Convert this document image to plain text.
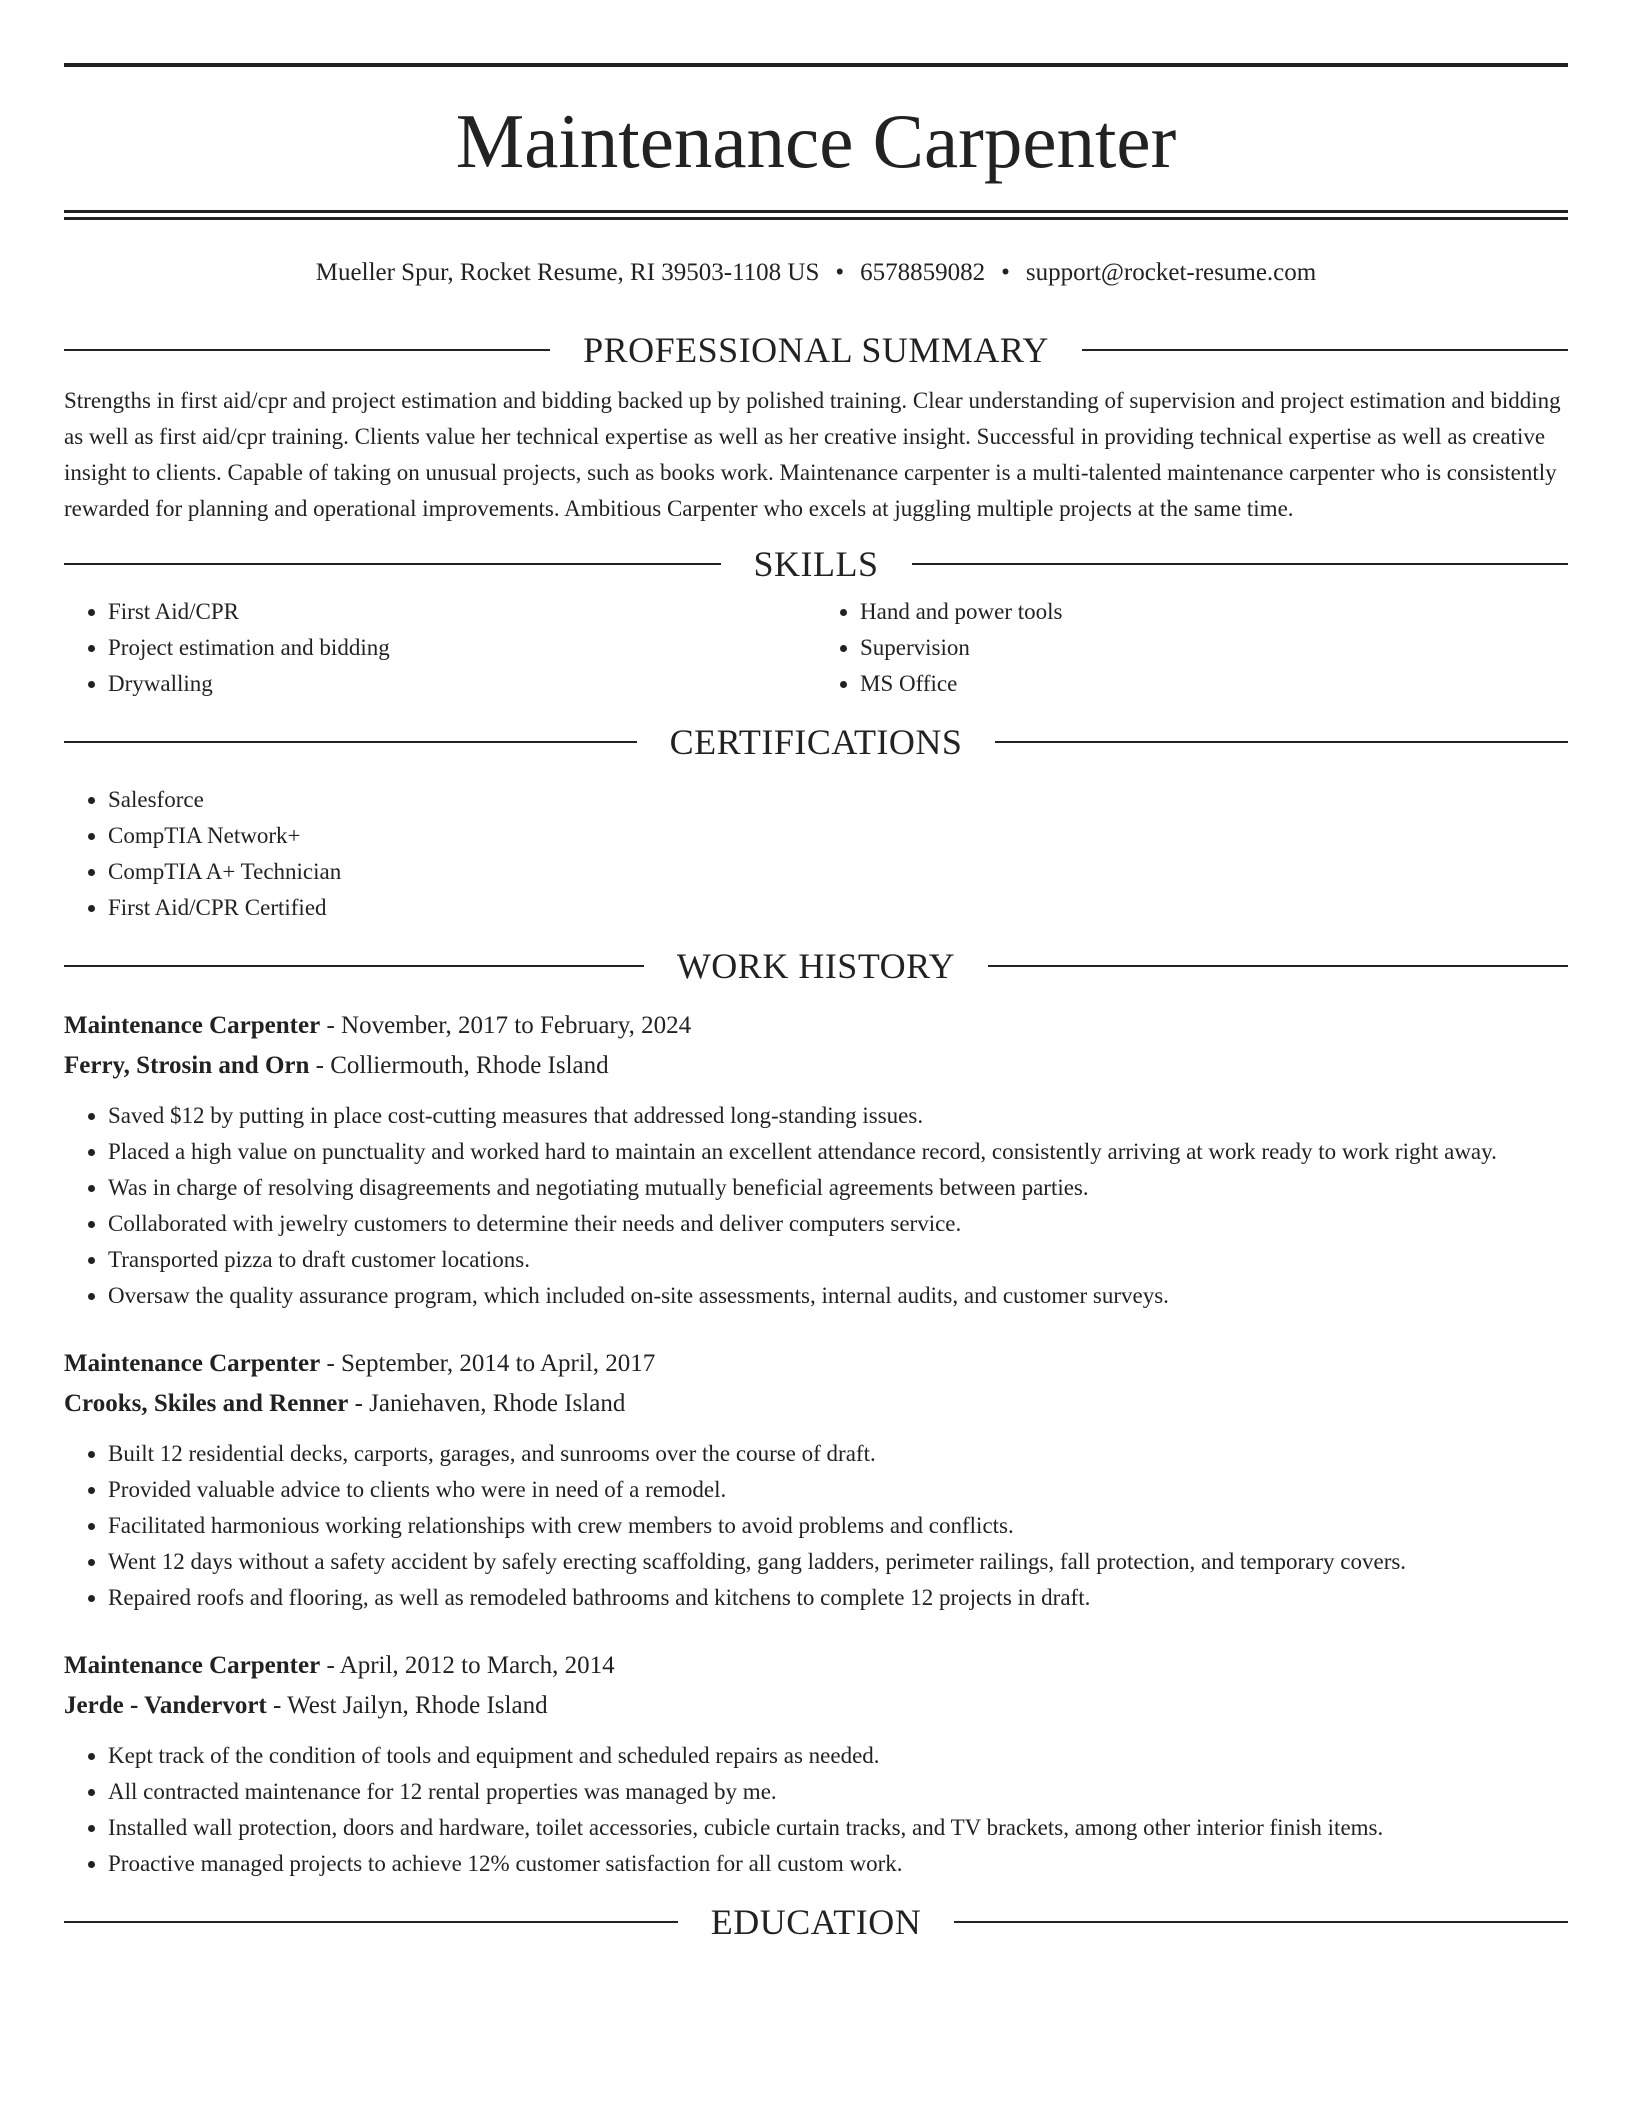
Maintenance Carpenter

Mueller Spur, Rocket Resume, RI 39503-1108 US • 6578859082 • support@rocket-resume.com

PROFESSIONAL SUMMARY

Strengths in first aid/cpr and project estimation and bidding backed up by polished training. Clear understanding of supervision and project estimation and bidding as well as first aid/cpr training. Clients value her technical expertise as well as her creative insight. Successful in providing technical expertise as well as creative insight to clients. Capable of taking on unusual projects, such as books work. Maintenance carpenter is a multi-talented maintenance carpenter who is consistently rewarded for planning and operational improvements. Ambitious Carpenter who excels at juggling multiple projects at the same time.

SKILLS
• First Aid/CPR
• Project estimation and bidding
• Drywalling
• Hand and power tools
• Supervision
• MS Office
CERTIFICATIONS
• Salesforce
• CompTIA Network+
• CompTIA A+ Technician
• First Aid/CPR Certified
WORK HISTORY

Maintenance Carpenter - November, 2017 to February, 2024

Ferry, Strosin and Orn - Colliermouth, Rhode Island

• Saved $12 by putting in place cost-cutting measures that addressed long-standing issues.
• Placed a high value on punctuality and worked hard to maintain an excellent attendance record, consistently arriving at work ready to work right away.
• Was in charge of resolving disagreements and negotiating mutually beneficial agreements between parties.
• Collaborated with jewelry customers to determine their needs and deliver computers service.
• Transported pizza to draft customer locations.
• Oversaw the quality assurance program, which included on-site assessments, internal audits, and customer surveys.

Maintenance Carpenter - September, 2014 to April, 2017

Crooks, Skiles and Renner - Janiehaven, Rhode Island

• Built 12 residential decks, carports, garages, and sunrooms over the course of draft.
• Provided valuable advice to clients who were in need of a remodel.
• Facilitated harmonious working relationships with crew members to avoid problems and conflicts.
• Went 12 days without a safety accident by safely erecting scaffolding, gang ladders, perimeter railings, fall protection, and temporary covers.
• Repaired roofs and flooring, as well as remodeled bathrooms and kitchens to complete 12 projects in draft.

Maintenance Carpenter - April, 2012 to March, 2014

Jerde - Vandervort - West Jailyn, Rhode Island

• Kept track of the condition of tools and equipment and scheduled repairs as needed.
• All contracted maintenance for 12 rental properties was managed by me.
• Installed wall protection, doors and hardware, toilet accessories, cubicle curtain tracks, and TV brackets, among other interior finish items.
• Proactive managed projects to achieve 12% customer satisfaction for all custom work.
EDUCATION
